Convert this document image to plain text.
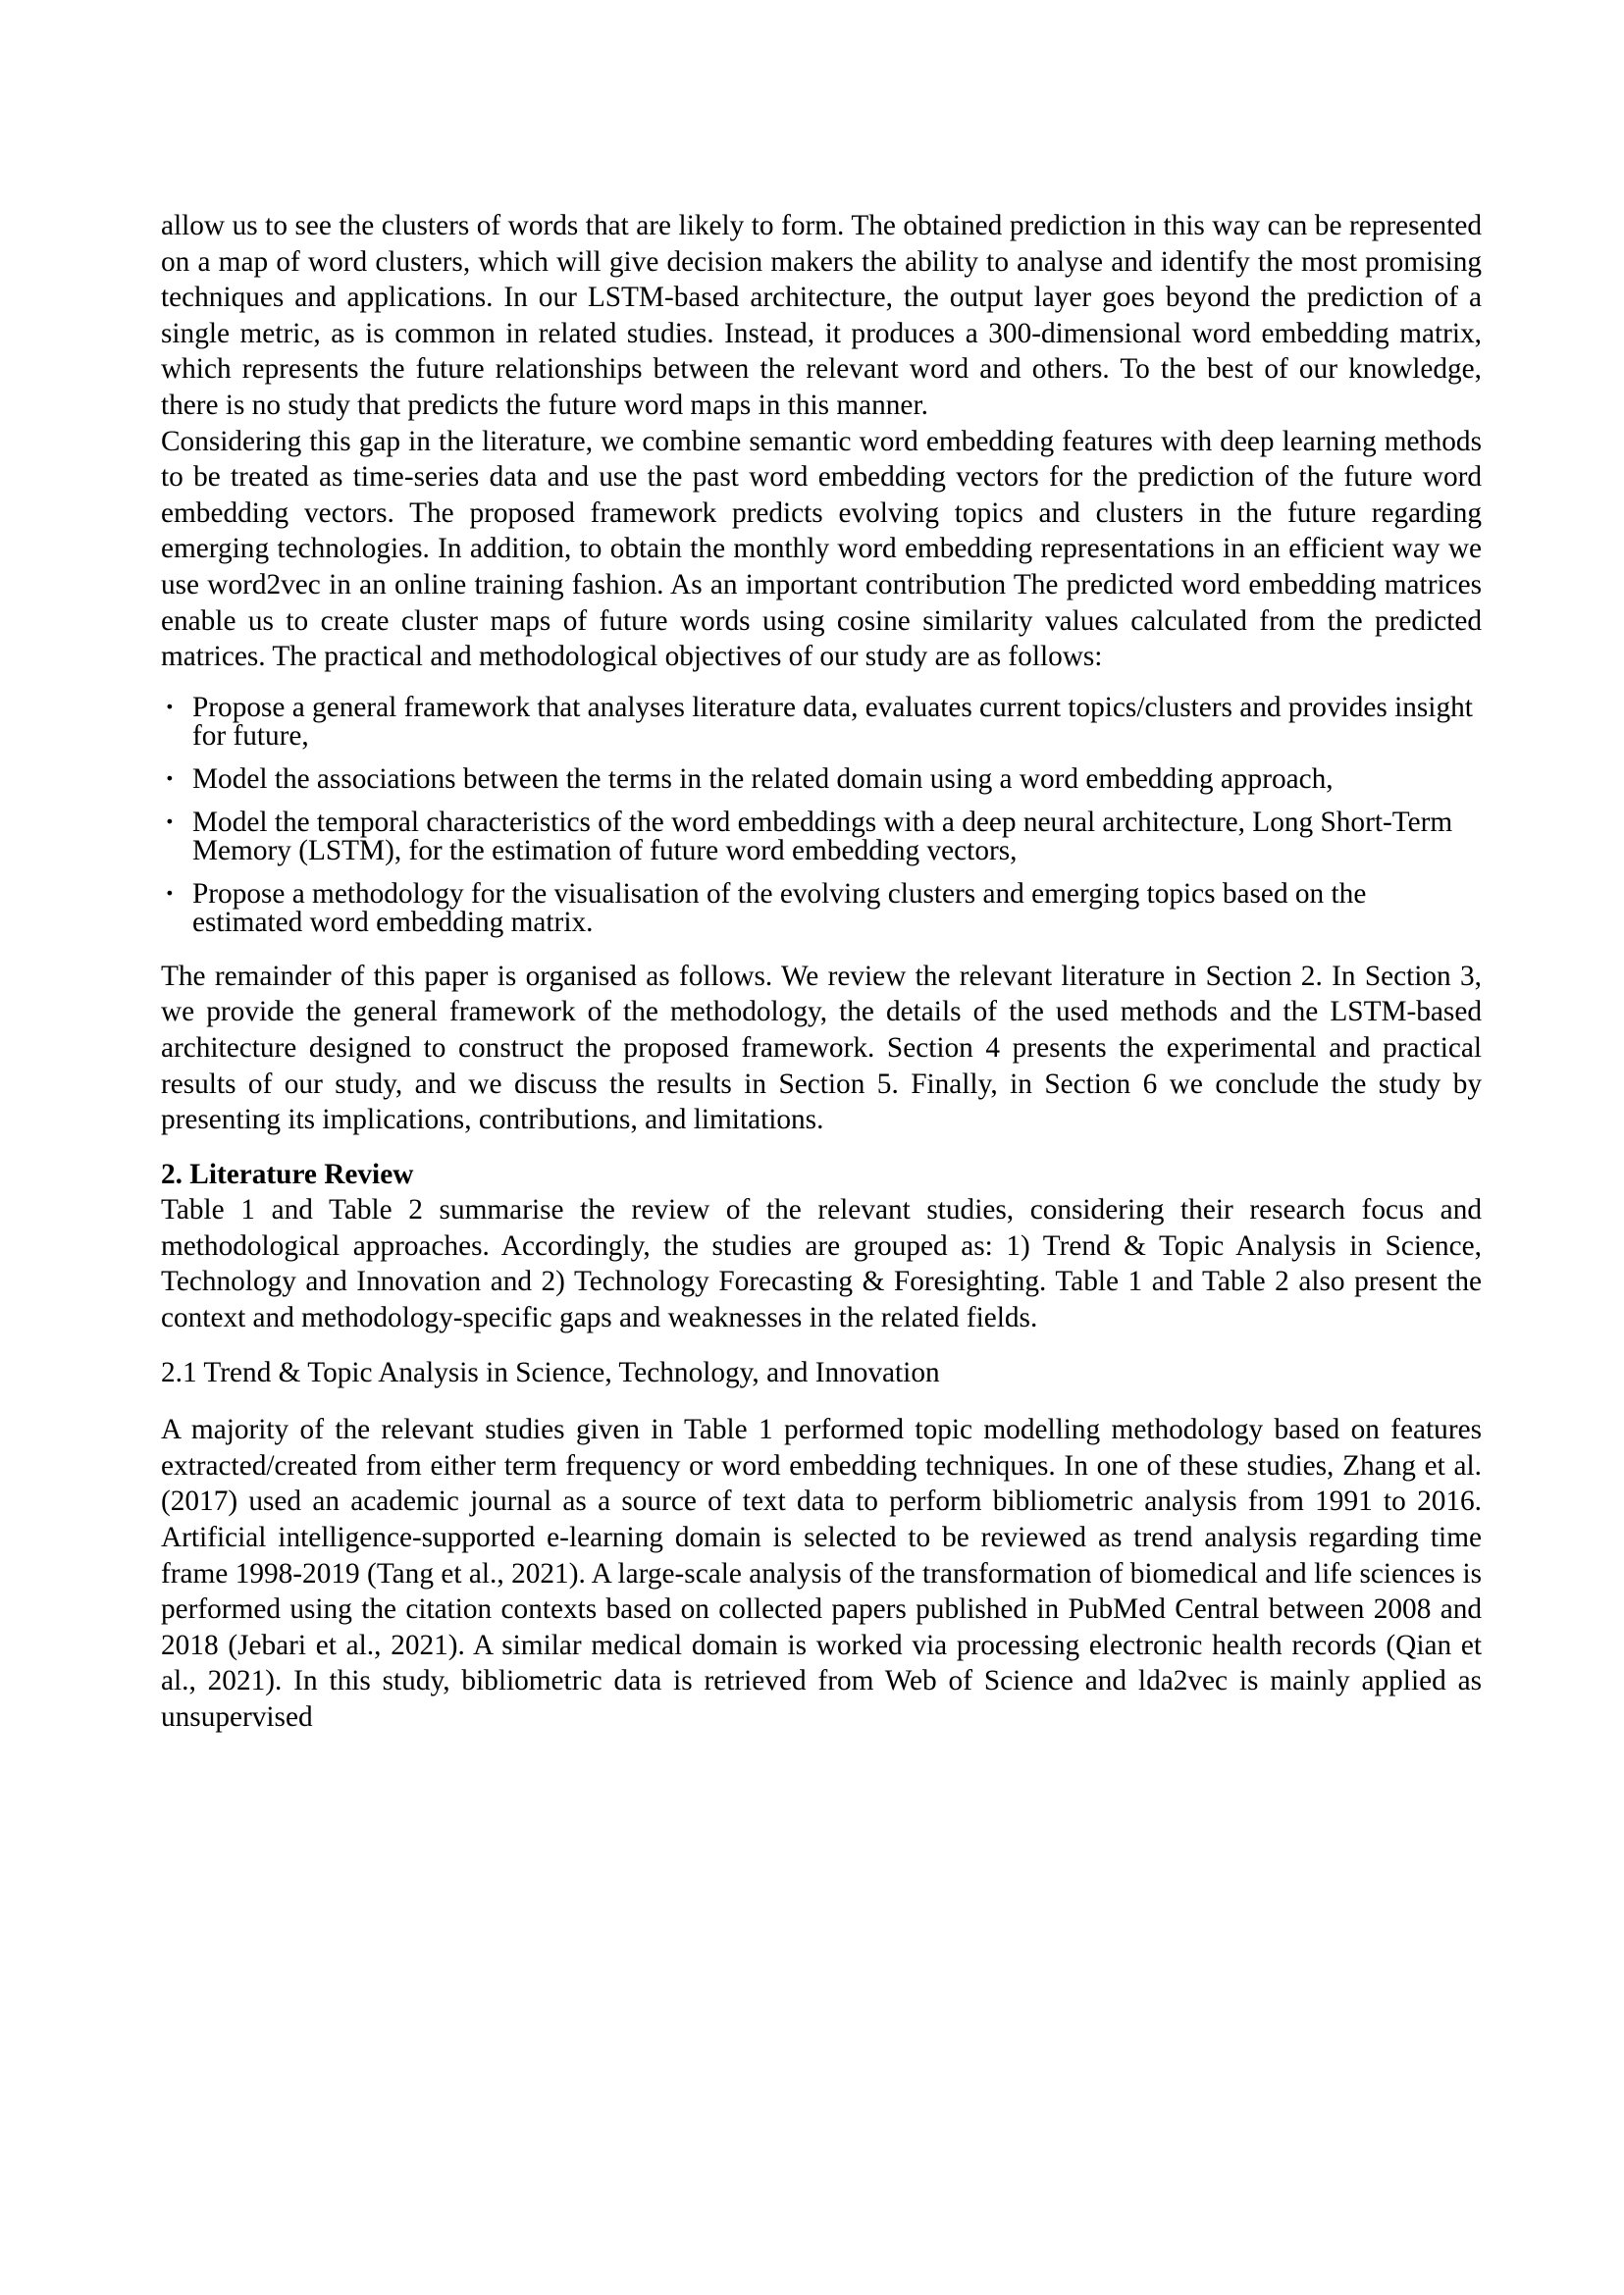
allow us to see the clusters of words that are likely to form. The obtained prediction in this way can be represented on a map of word clusters, which will give decision makers the ability to analyse and identify the most promising techniques and applications. In our LSTM-based architecture, the output layer goes beyond the prediction of a single metric, as is common in related studies. Instead, it produces a 300-dimensional word embedding matrix, which represents the future relationships between the relevant word and others. To the best of our knowledge, there is no study that predicts the future word maps in this manner.

Considering this gap in the literature, we combine semantic word embedding features with deep learning methods to be treated as time-series data and use the past word embedding vectors for the prediction of the future word embedding vectors. The proposed framework predicts evolving topics and clusters in the future regarding emerging technologies. In addition, to obtain the monthly word embedding representations in an efficient way we use word2vec in an online training fashion. As an important contribution The predicted word embedding matrices enable us to create cluster maps of future words using cosine similarity values calculated from the predicted matrices. The practical and methodological objectives of our study are as follows:

· Propose a general framework that analyses literature data, evaluates current topics/clusters and provides insight for future,
· Model the associations between the terms in the related domain using a word embedding approach,
· Model the temporal characteristics of the word embeddings with a deep neural architecture, Long Short-Term Memory (LSTM), for the estimation of future word embedding vectors,
· Propose a methodology for the visualisation of the evolving clusters and emerging topics based on the estimated word embedding matrix.

The remainder of this paper is organised as follows. We review the relevant literature in Section 2. In Section 3, we provide the general framework of the methodology, the details of the used methods and the LSTM-based architecture designed to construct the proposed framework. Section 4 presents the experimental and practical results of our study, and we discuss the results in Section 5. Finally, in Section 6 we conclude the study by presenting its implications, contributions, and limitations.

2. Literature Review

Table 1 and Table 2 summarise the review of the relevant studies, considering their research focus and methodological approaches. Accordingly, the studies are grouped as: 1) Trend & Topic Analysis in Science, Technology and Innovation and 2) Technology Forecasting & Foresighting. Table 1 and Table 2 also present the context and methodology-specific gaps and weaknesses in the related fields.

2.1 Trend & Topic Analysis in Science, Technology, and Innovation

A majority of the relevant studies given in Table 1 performed topic modelling methodology based on features extracted/created from either term frequency or word embedding techniques. In one of these studies, Zhang et al. (2017) used an academic journal as a source of text data to perform bibliometric analysis from 1991 to 2016. Artificial intelligence-supported e-learning domain is selected to be reviewed as trend analysis regarding time frame 1998-2019 (Tang et al., 2021). A large-scale analysis of the transformation of biomedical and life sciences is performed using the citation contexts based on collected papers published in PubMed Central between 2008 and 2018 (Jebari et al., 2021). A similar medical domain is worked via processing electronic health records (Qian et al., 2021). In this study, bibliometric data is retrieved from Web of Science and lda2vec is mainly applied as unsupervised
